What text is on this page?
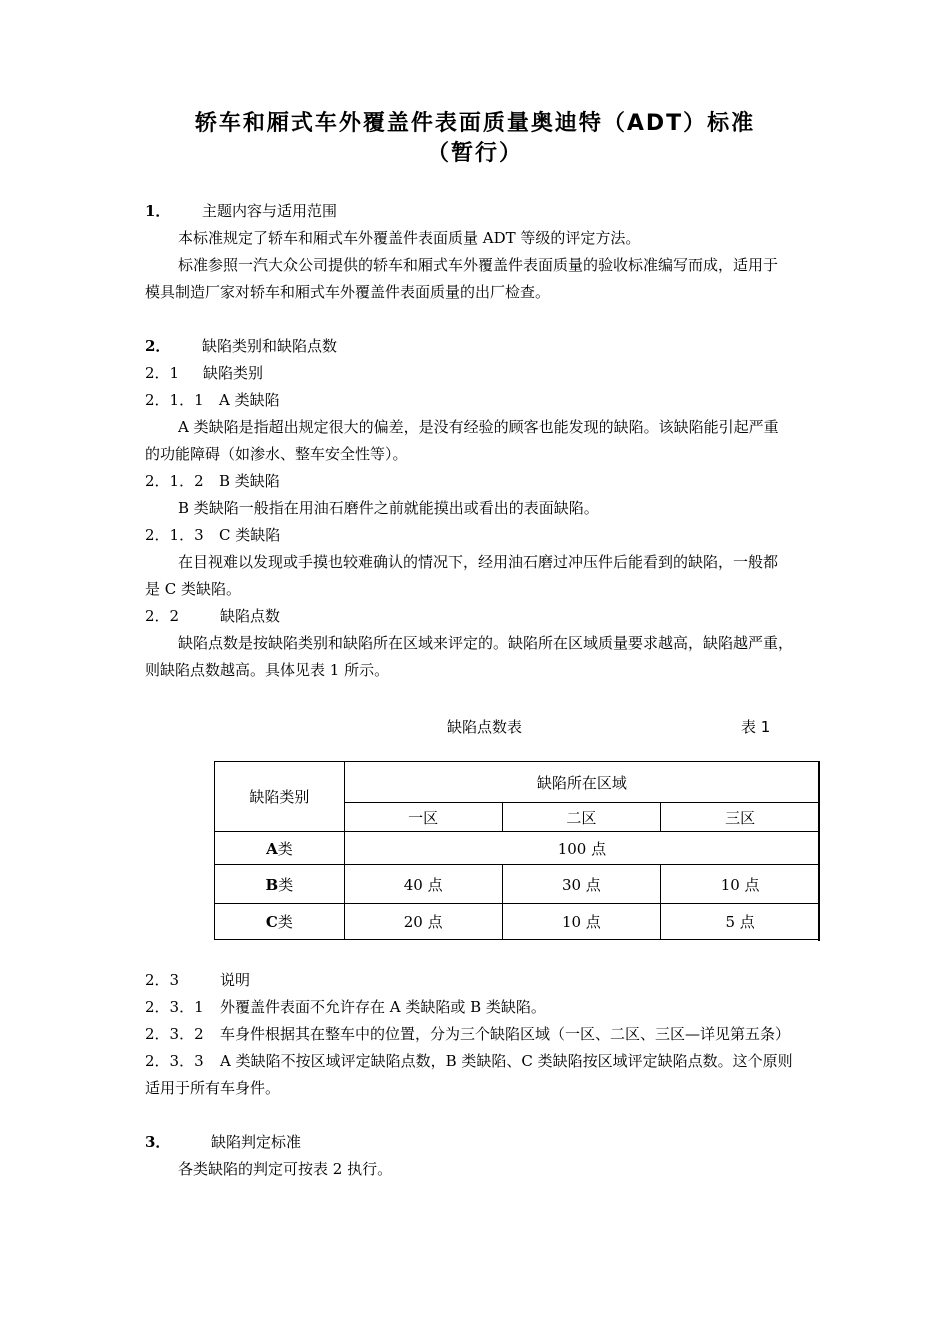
轿车和厢式车外覆盖件表面质量奥迪特（ADT）标准
（暂行）
1． 主题内容与适用范围
本标准规定了轿车和厢式车外覆盖件表面质量 ADT 等级的评定方法。
标准参照一汽大众公司提供的轿车和厢式车外覆盖件表面质量的验收标准编写而成，适用于
模具制造厂家对轿车和厢式车外覆盖件表面质量的出厂检查。
2． 缺陷类别和缺陷点数
2．1 缺陷类别
2．1．1 A 类缺陷
A 类缺陷是指超出规定很大的偏差，是没有经验的顾客也能发现的缺陷。该缺陷能引起严重
的功能障碍（如渗水、整车安全性等）。
2．1．2 B 类缺陷
B 类缺陷一般指在用油石磨件之前就能摸出或看出的表面缺陷。
2．1．3 C 类缺陷
在目视难以发现或手摸也较难确认的情况下，经用油石磨过冲压件后能看到的缺陷，一般都
是 C 类缺陷。
2．2	缺陷点数
缺陷点数是按缺陷类别和缺陷所在区域来评定的。缺陷所在区域质量要求越高，缺陷越严重，
则缺陷点数越高。具体见表 1 所示。
缺陷点数表	表 1
缺陷类别	缺陷所在区域		
	一区	二区	三区
A类	100 点		
B类	40 点	30 点	10 点
C类	20 点	10 点	5 点
2．3	说明
2．3．1 外覆盖件表面不允许存在 A 类缺陷或 B 类缺陷。
2．3．2 车身件根据其在整车中的位置，分为三个缺陷区域（一区、二区、三区—详见第五条）
2．3．3 A 类缺陷不按区域评定缺陷点数，B 类缺陷、C 类缺陷按区域评定缺陷点数。这个原则
适用于所有车身件。
3．	缺陷判定标准
各类缺陷的判定可按表 2 执行。
